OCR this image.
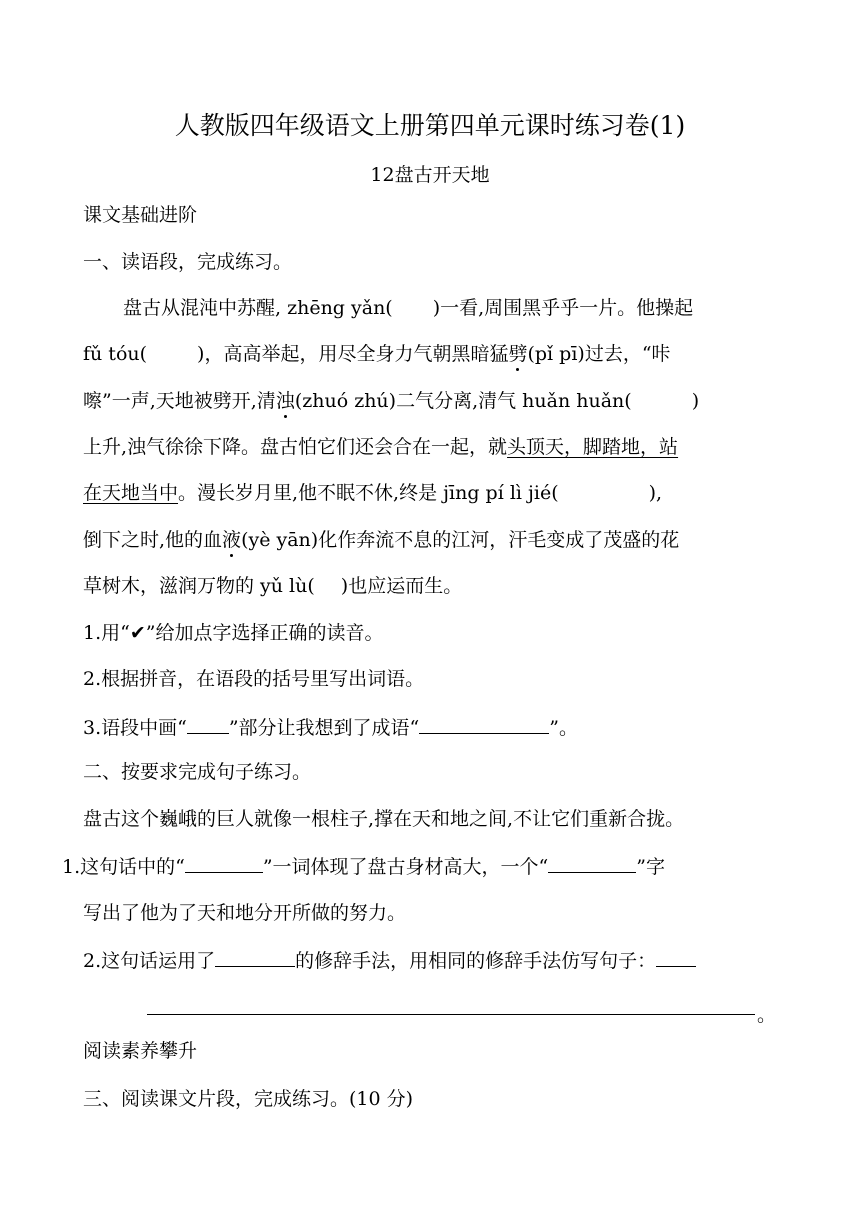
人教版四年级语文上册第四单元课时练习卷(1)
12盘古开天地
课文基础进阶
一、读语段，完成练习。
盘古从混沌中苏醒, zhēng yǎn( )一看,周围黑乎乎一片。他操起
fǔ tóu(	)，高高举起，用尽全身力气朝黑暗猛劈(pǐ pī)过去，“咔
嚓”一声,天地被劈开,清浊(zhuó zhú)二气分离,清气 huǎn huǎn(	)
上升,浊气徐徐下降。盘古怕它们还会合在一起，就头顶天，脚踏地，站
在天地当中。漫长岁月里,他不眠不休,终是 jīng pí lì jié(	),
倒下之时,他的血液(yè yān)化作奔流不息的江河，汗毛变成了茂盛的花
草树木，滋润万物的 yǔ lù( )也应运而生。
1.用“✔”给加点字选择正确的读音。
2.根据拼音，在语段的括号里写出词语。
3.语段中画“ ”部分让我想到了成语“	”。
二、按要求完成句子练习。
盘古这个巍峨的巨人就像一根柱子,撑在天和地之间,不让它们重新合拢。
1.这句话中的“	”一词体现了盘古身材高大，一个“	”字
写出了他为了天和地分开所做的努力。
2.这句话运用了	的修辞手法，用相同的修辞手法仿写句子：
。
阅读素养攀升
三、阅读课文片段，完成练习。(10 分)
